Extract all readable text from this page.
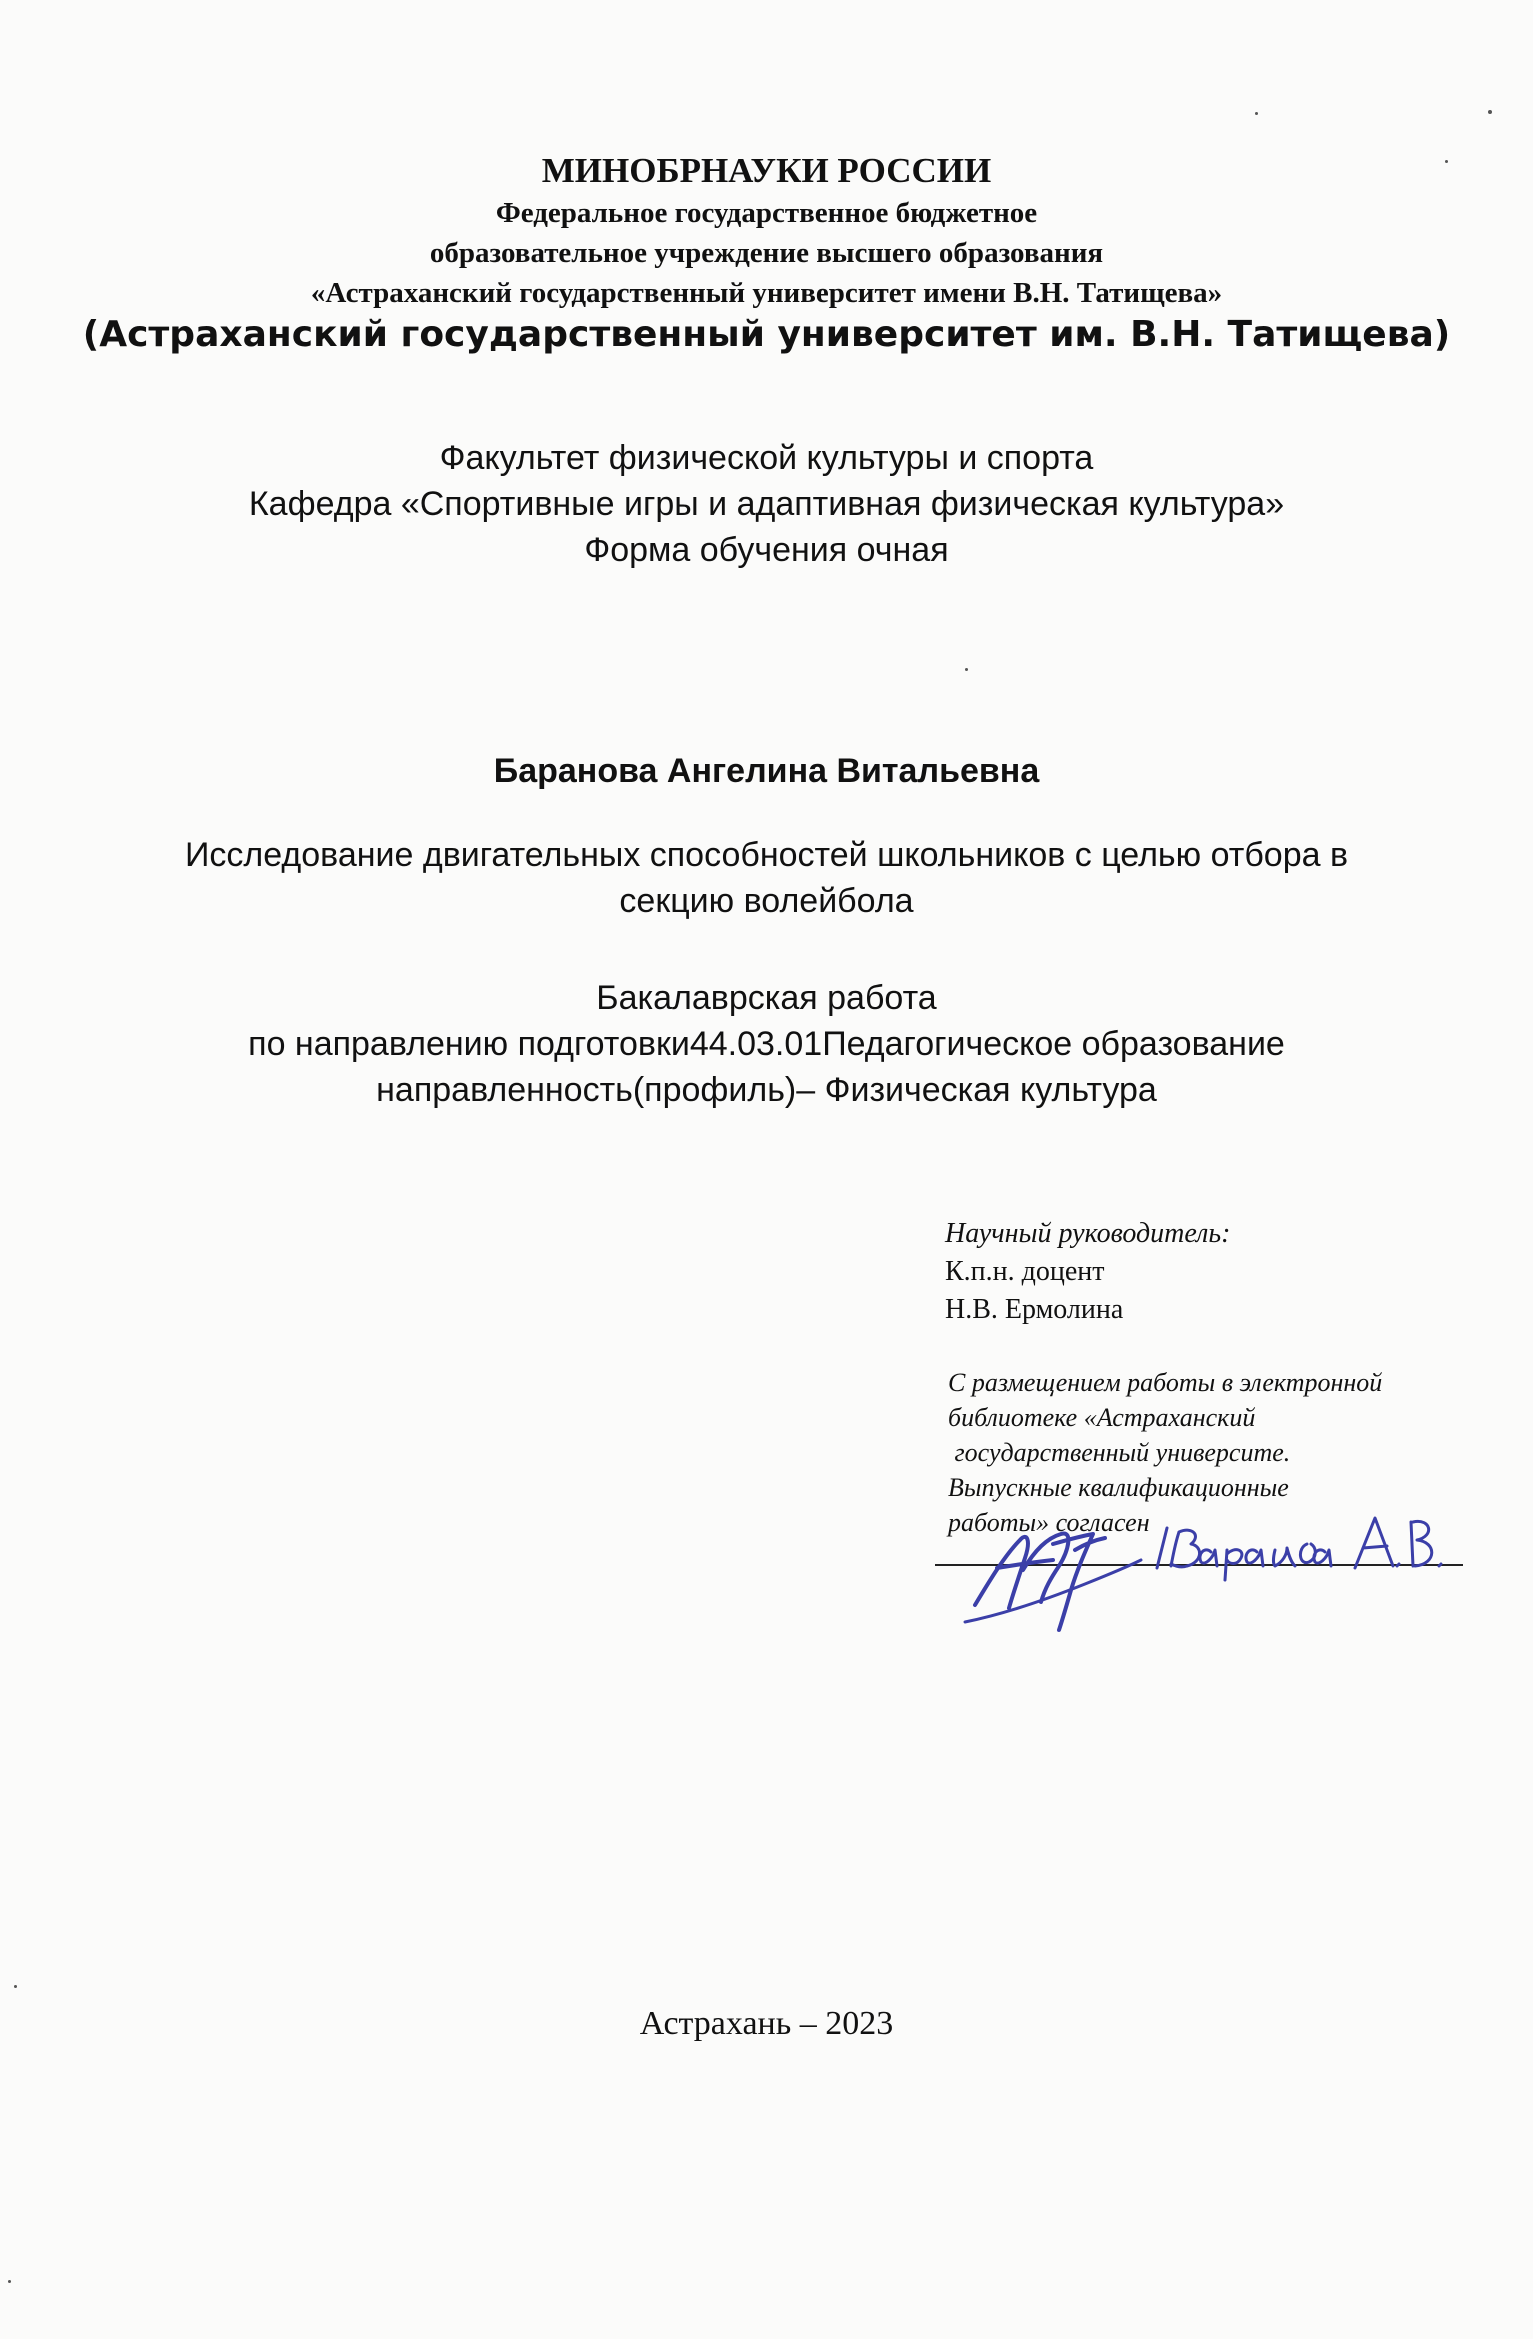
МИНОБРНАУКИ РОССИИ
Федеральное государственное бюджетное
образовательное учреждение высшего образования
«Астраханский государственный университет имени В.Н. Татищева»
(Астраханский государственный университет им. В.Н. Татищева)
Факультет физической культуры и спорта
Кафедра «Спортивные игры и адаптивная физическая культура»
Форма обучения очная
Баранова Ангелина Витальевна
Исследование двигательных способностей школьников с целью отбора в
секцию волейбола
Бакалаврская работа
по направлению подготовки44.03.01Педагогическое образование
направленность(профиль)– Физическая культура
Научный руководитель:
К.п.н. доцент
Н.В. Ермолина
С размещением работы в электронной
библиотеке «Астраханский
государственный университе.
Выпускные квалификационные
работы» согласен
Астрахань – 2023
